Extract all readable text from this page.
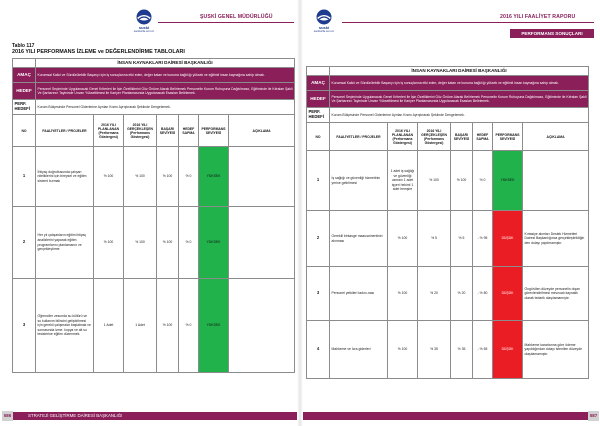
suski
sanliurfa.com.tr
ŞUSKİ GENEL MÜDÜRLÜĞÜ
Tablo 117
2016 YILI PERFORMANS İZLEME ve DEĞERLENDİRME TABLOLARI
	İNSAN KAYNAKLARI DAİRESİ BAŞKANLIĞI						
AMAÇ	Kurumsal Kalici ve Sürdürülebilir Başarıyı için iş sonuçlarına etki eden, değer katan ve kuruma bağlılığı yüksek ve eğitimli insan kaynağına sahip olmak.						
HEDEF	Personel Seçiminde Uygulanacak Genel Kriterleri ile İşin Özelliklerini Göz Önüne Alarak Belirlemek Personelin Kurum Ruhuyuna Dağıtılmasıı, Eğitiminde ile Kıfraları Şakli Ve Şarfıarının Tayininde Unvan Yükseltilmesi ile Kariyer Planlamasında Uygulanacak Esasları Belirlemek.						
PERF. HEDEFİ	Kurum Bütçesinde Personel Giderlerine Ayrılan Kısmı Ayrıştırarak Şeklinde Dengelemek.						
NO	FAALİYETLER / PROJELER	2016 YILI PLANLANAN (Performans Göstergesi)	2016 YILI GERÇEKLEŞEN (Performans Göstergesi)	BAŞARI SEVİYESİ	HEDEF SAPMA	PERFORMANS SEVİYESİ	AÇIKLAMA
1	İhtiyaç doğrultusunda çalışan niteliklerini için bireysel ve eğitim sistemi kurmak	% 100	% 100	% 100	% 0	YÜKSEK	
2	Her yıl çalışanların eğitim ihtiyaç analizlerini yaparak eğitim programlarını planlamanın ve gerçekleştirme	% 100	% 100	% 100	% 0	YÜKSEK	
3	Öğrenciler zesunda su kültürü ve su kullanım bilincini geliştirilmesi için gerekli çalışmalar başlatmak ve sonrasında izme. kopya ve alt su tesislerine eğitim düzenmek.	1 Adet	1 Adet	% 100	% 0	YÜKSEK	
STRATEJİ GELİŞTİRME DAİRESİ BAŞKANLIĞI
586
suski
sanliurfa.com.tr
2016 YILI FAALİYET RAPORU
PERFORMANS SONUÇLARI
	İNSAN KAYNAKLARI DAİRESİ BAŞKANLIĞI						
AMAÇ	Kurumsal Kalici ve Sürdürülebilir Başarıyı için iş sonuçlarına etki eden, değer katan ve kuruma bağlılığı yüksek ve eğitimli insan kaynağına sahip olmak.						
HEDEF	Personel Seçiminde Uygulanacak Genel Kriterleri ile İşin Özelliklerini Göz Önüne Alarak Belirlemek Personelin Kurum Ruhuyuna Dağıtılmasıı, Eğitiminde ile Kıfraları Şakli Ve Şarfıarının Tayininde Unvan Yükseltilmesi ile Kariyer Planlamasında Uygulanacak Esasları Belirlemek.						
PERF. HEDEFİ	Kurum Bütçesinde Personel Giderlerine Ayrılan Kısmı Ayrıştırarak Şeklinde Dengelemek.						
NO	FAALİYETLER / PROJELER	2016 YILI PLANLANAN (Performans Göstergesi)	2016 YILI GERÇEKLEŞEN (Performans Göstergesi)	BAŞARI SEVİYESİ	HEDEF SAPMA	PERFORMANS SEVİYESİ	AÇIKLAMA
1	İş sağlığı ve güvenliği hizmetinin yerine getirilmesi	1 adet iş sağlığı ve güvenliği uzmanı 1 adet işyeri hekimi 1 adet hemşire	% 100	% 100	% 0	YÜKSEK	
2	Gereklii birkasge maasıarinentinin alınması	% 100	% 5	% 5	- % 95	DÜŞÜK	Kırtasiye alımları Destek Hizmetleri Dairesi Başkanlığınca gerçekleştirildiğin den dolayı yapılmamıştır.
3	Personel yetkileri tadını-nası	% 100	% 20	% 20	- % 80	DÜŞÜK	Öngörülen düzeyde personelin dışarı görevlendirilmesi mevzuatı kaynaklı olarak tedarik olaşılamamıştır.
4	Mahkeme ve İcra giderleri	% 100	% 35	% 35	- % 65	DÜŞÜK	Mahkeme kararlarına göre ödeme yapıldığından dolayı istenilen düzeyde olaşılamamıştır.
587
